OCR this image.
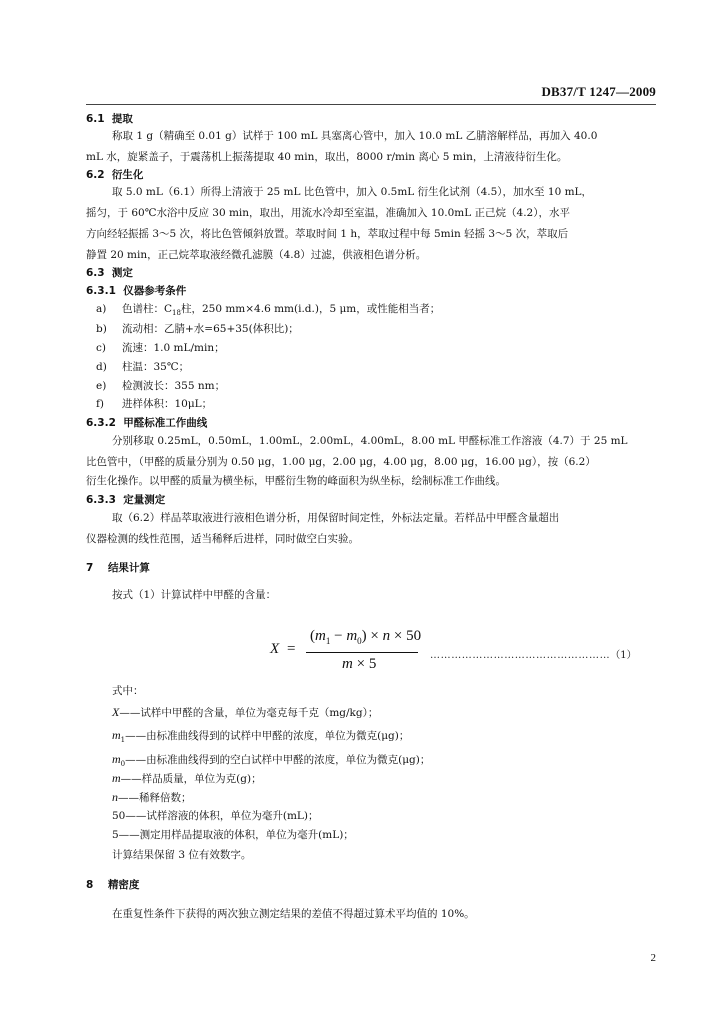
DB37/T 1247—2009
6.1 提取
称取 1 g（精确至 0.01 g）试样于 100 mL 具塞离心管中，加入 10.0 mL 乙腈溶解样品，再加入 40.0
mL 水，旋紧盖子，于震荡机上振荡提取 40 min，取出，8000 r/min 离心 5 min，上清液待衍生化。
6.2 衍生化
取 5.0 mL（6.1）所得上清液于 25 mL 比色管中，加入 0.5mL 衍生化试剂（4.5），加水至 10 mL，
摇匀，于 60℃水浴中反应 30 min，取出，用流水冷却至室温，准确加入 10.0mL 正己烷（4.2），水平
方向经轻振摇 3～5 次，将比色管倾斜放置。萃取时间 1 h，萃取过程中每 5min 轻摇 3～5 次，萃取后
静置 20 min，正己烷萃取液经微孔滤膜（4.8）过滤，供液相色谱分析。
6.3 测定
6.3.1 仪器参考条件
a) 色谱柱：$C_{18}$柱，250 mm×4.6 mm(i.d.)，5 μm，或性能相当者；
b) 流动相：乙腈+水=65+35(体积比)；
c) 流速：1.0 mL/min；
d) 柱温：35℃；
e) 检测波长：355 nm；
f) 进样体积：10μL；
6.3.2 甲醛标准工作曲线
分别移取 0.25mL，0.50mL，1.00mL，2.00mL，4.00mL，8.00 mL 甲醛标准工作溶液（4.7）于 25 mL
比色管中，（甲醛的质量分别为 0.50 μg，1.00 μg，2.00 μg，4.00 μg，8.00 μg，16.00 μg），按（6.2）
衍生化操作。以甲醛的质量为横坐标，甲醛衍生物的峰面积为纵坐标，绘制标准工作曲线。
6.3.3 定量测定
取（6.2）样品萃取液进行液相色谱分析，用保留时间定性，外标法定量。若样品中甲醛含量超出
仪器检测的线性范围，适当稀释后进样，同时做空白实验。
7 结果计算
按式（1）计算试样中甲醛的含量：
X =
$(m_1 - m_0) \times n \times 50$
m × 5
……………………………………………（1）
式中：
X——试样中甲醛的含量，单位为毫克每千克（mg/kg）；
$m_1——$由标准曲线得到的试样中甲醛的浓度，单位为微克(μg)；
$m_0——$由标准曲线得到的空白试样中甲醛的浓度，单位为微克(μg)；
m——样品质量，单位为克(g)；
n——稀释倍数；
50——试样溶液的体积，单位为毫升(mL)；
5——测定用样品提取液的体积，单位为毫升(mL)；
计算结果保留 3 位有效数字。
8 精密度
在重复性条件下获得的两次独立测定结果的差值不得超过算术平均值的 10%。
2
